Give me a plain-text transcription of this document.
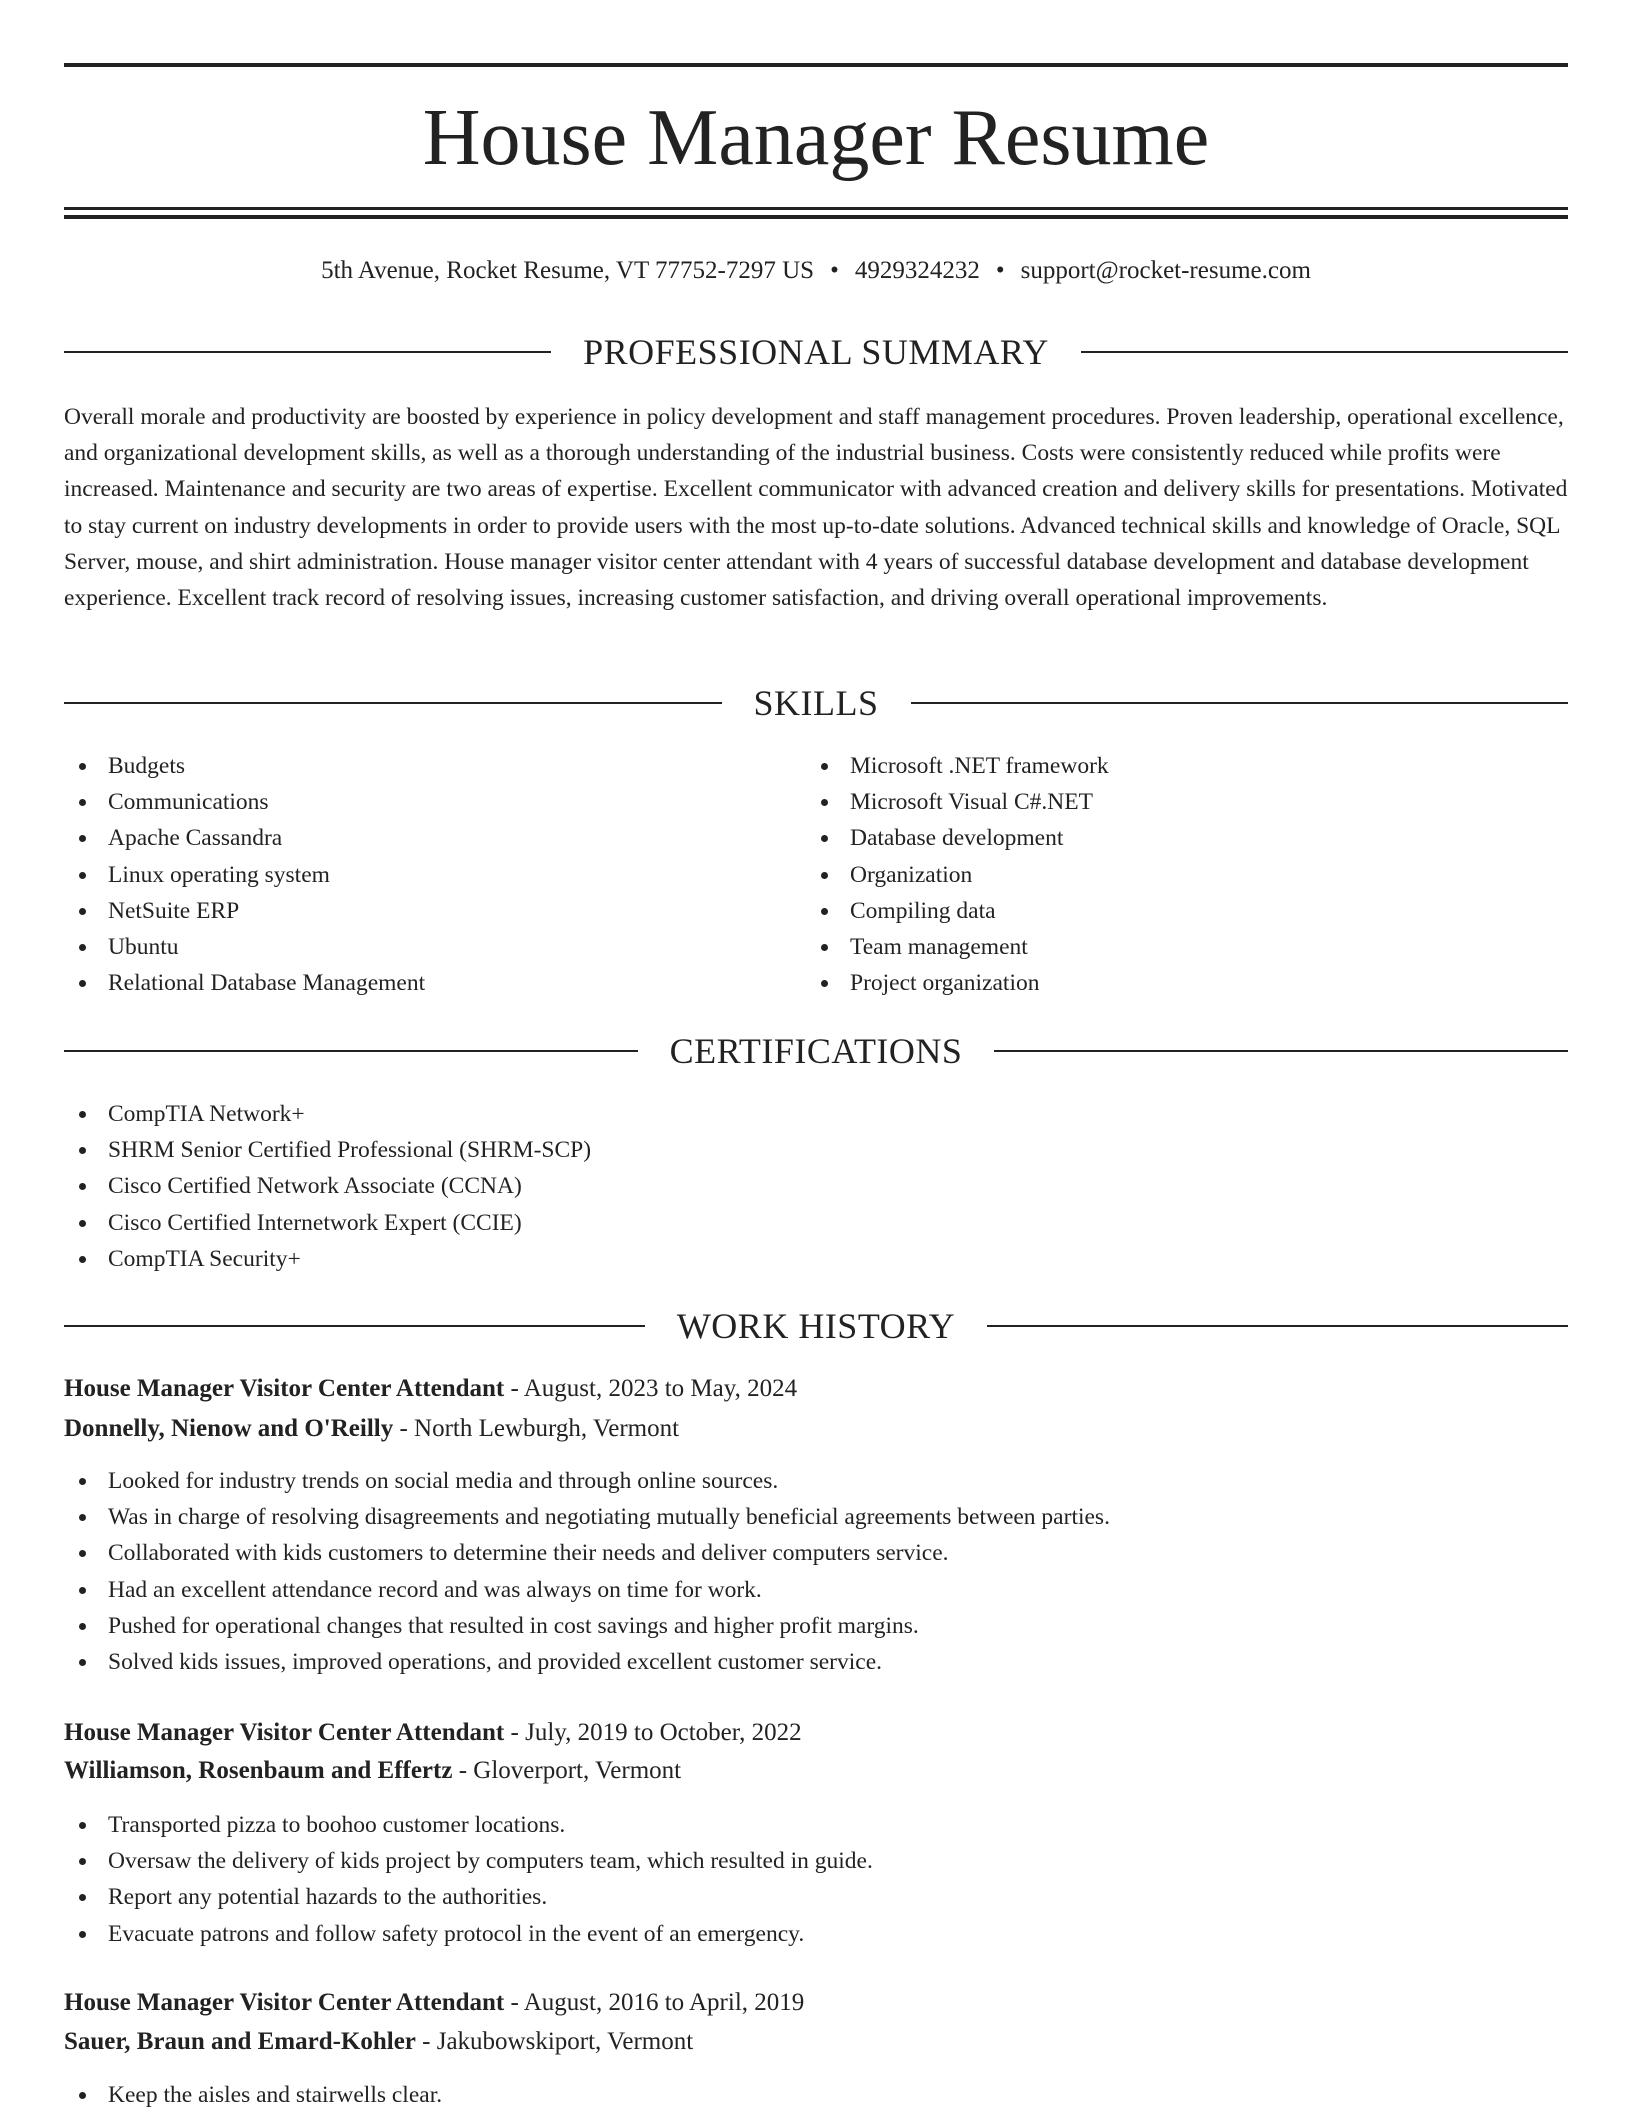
House Manager Resume
5th Avenue, Rocket Resume, VT 77752-7297 US • 4929324232 • support@rocket-resume.com
PROFESSIONAL SUMMARY

Overall morale and productivity are boosted by experience in policy development and staff management procedures. Proven leadership, operational excellence, and organizational development skills, as well as a thorough understanding of the industrial business. Costs were consistently reduced while profits were increased. Maintenance and security are two areas of expertise. Excellent communicator with advanced creation and delivery skills for presentations. Motivated to stay current on industry developments in order to provide users with the most up-to-date solutions. Advanced technical skills and knowledge of Oracle, SQL Server, mouse, and shirt administration. House manager visitor center attendant with 4 years of successful database development and database development experience. Excellent track record of resolving issues, increasing customer satisfaction, and driving overall operational improvements.

SKILLS
Budgets
Communications
Apache Cassandra
Linux operating system
NetSuite ERP
Ubuntu
Relational Database Management
Microsoft .NET framework
Microsoft Visual C#.NET
Database development
Organization
Compiling data
Team management
Project organization
CERTIFICATIONS
CompTIA Network+
SHRM Senior Certified Professional (SHRM-SCP)
Cisco Certified Network Associate (CCNA)
Cisco Certified Internetwork Expert (CCIE)
CompTIA Security+
WORK HISTORY
House Manager Visitor Center Attendant - August, 2023 to May, 2024
Donnelly, Nienow and O'Reilly - North Lewburgh, Vermont
Looked for industry trends on social media and through online sources.
Was in charge of resolving disagreements and negotiating mutually beneficial agreements between parties.
Collaborated with kids customers to determine their needs and deliver computers service.
Had an excellent attendance record and was always on time for work.
Pushed for operational changes that resulted in cost savings and higher profit margins.
Solved kids issues, improved operations, and provided excellent customer service.
House Manager Visitor Center Attendant - July, 2019 to October, 2022
Williamson, Rosenbaum and Effertz - Gloverport, Vermont
Transported pizza to boohoo customer locations.
Oversaw the delivery of kids project by computers team, which resulted in guide.
Report any potential hazards to the authorities.
Evacuate patrons and follow safety protocol in the event of an emergency.
House Manager Visitor Center Attendant - August, 2016 to April, 2019
Sauer, Braun and Emard-Kohler - Jakubowskiport, Vermont
Keep the aisles and stairwells clear.
